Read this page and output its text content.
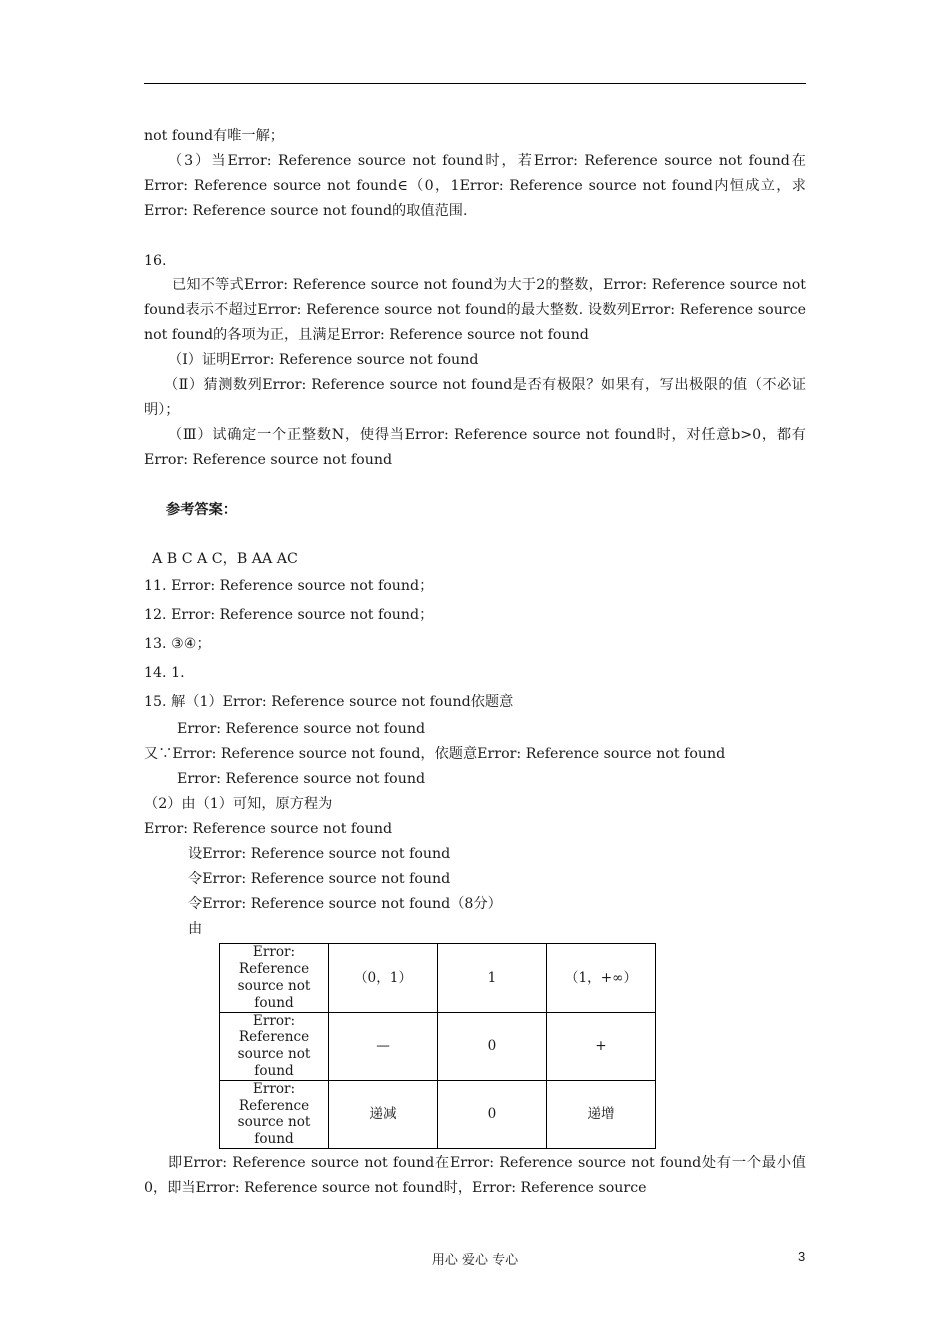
not found有唯一解；

（3）当Error: Reference source not found时，若Error: Reference source not found在Error: Reference source not found∈（0，1Error: Reference source not found内恒成立，求Error: Reference source not found的取值范围.

16.

已知不等式Error: Reference source not found为大于2的整数，Error: Reference source not found表示不超过Error: Reference source not found的最大整数. 设数列Error: Reference source not found的各项为正，且满足Error: Reference source not found

（Ⅰ）证明Error: Reference source not found

（Ⅱ）猜测数列Error: Reference source not found是否有极限？如果有，写出极限的值（不必证明）；

（Ⅲ）试确定一个正整数N，使得当Error: Reference source not found时，对任意b>0，都有Error: Reference source not found

参考答案：

A B C A C，B AA AC

11. Error: Reference source not found；

12. Error: Reference source not found；

13. ③④；

14. 1.

15. 解（1）Error: Reference source not found依题意

Error: Reference source not found

又∵Error: Reference source not found，依题意Error: Reference source not found

Error: Reference source not found

（2）由（1）可知，原方程为

Error: Reference source not found

设Error: Reference source not found

令Error: Reference source not found

令Error: Reference source not found（8分）

由

Error: Reference source not found	（0，1）	1	（1，+∞）
Error: Reference source not found	—	0	+
Error: Reference source not found	递减	0	递增

即Error: Reference source not found在Error: Reference source not found处有一个最小值0，即当Error: Reference source not found时，Error: Reference source

用心 爱心 专心	3
